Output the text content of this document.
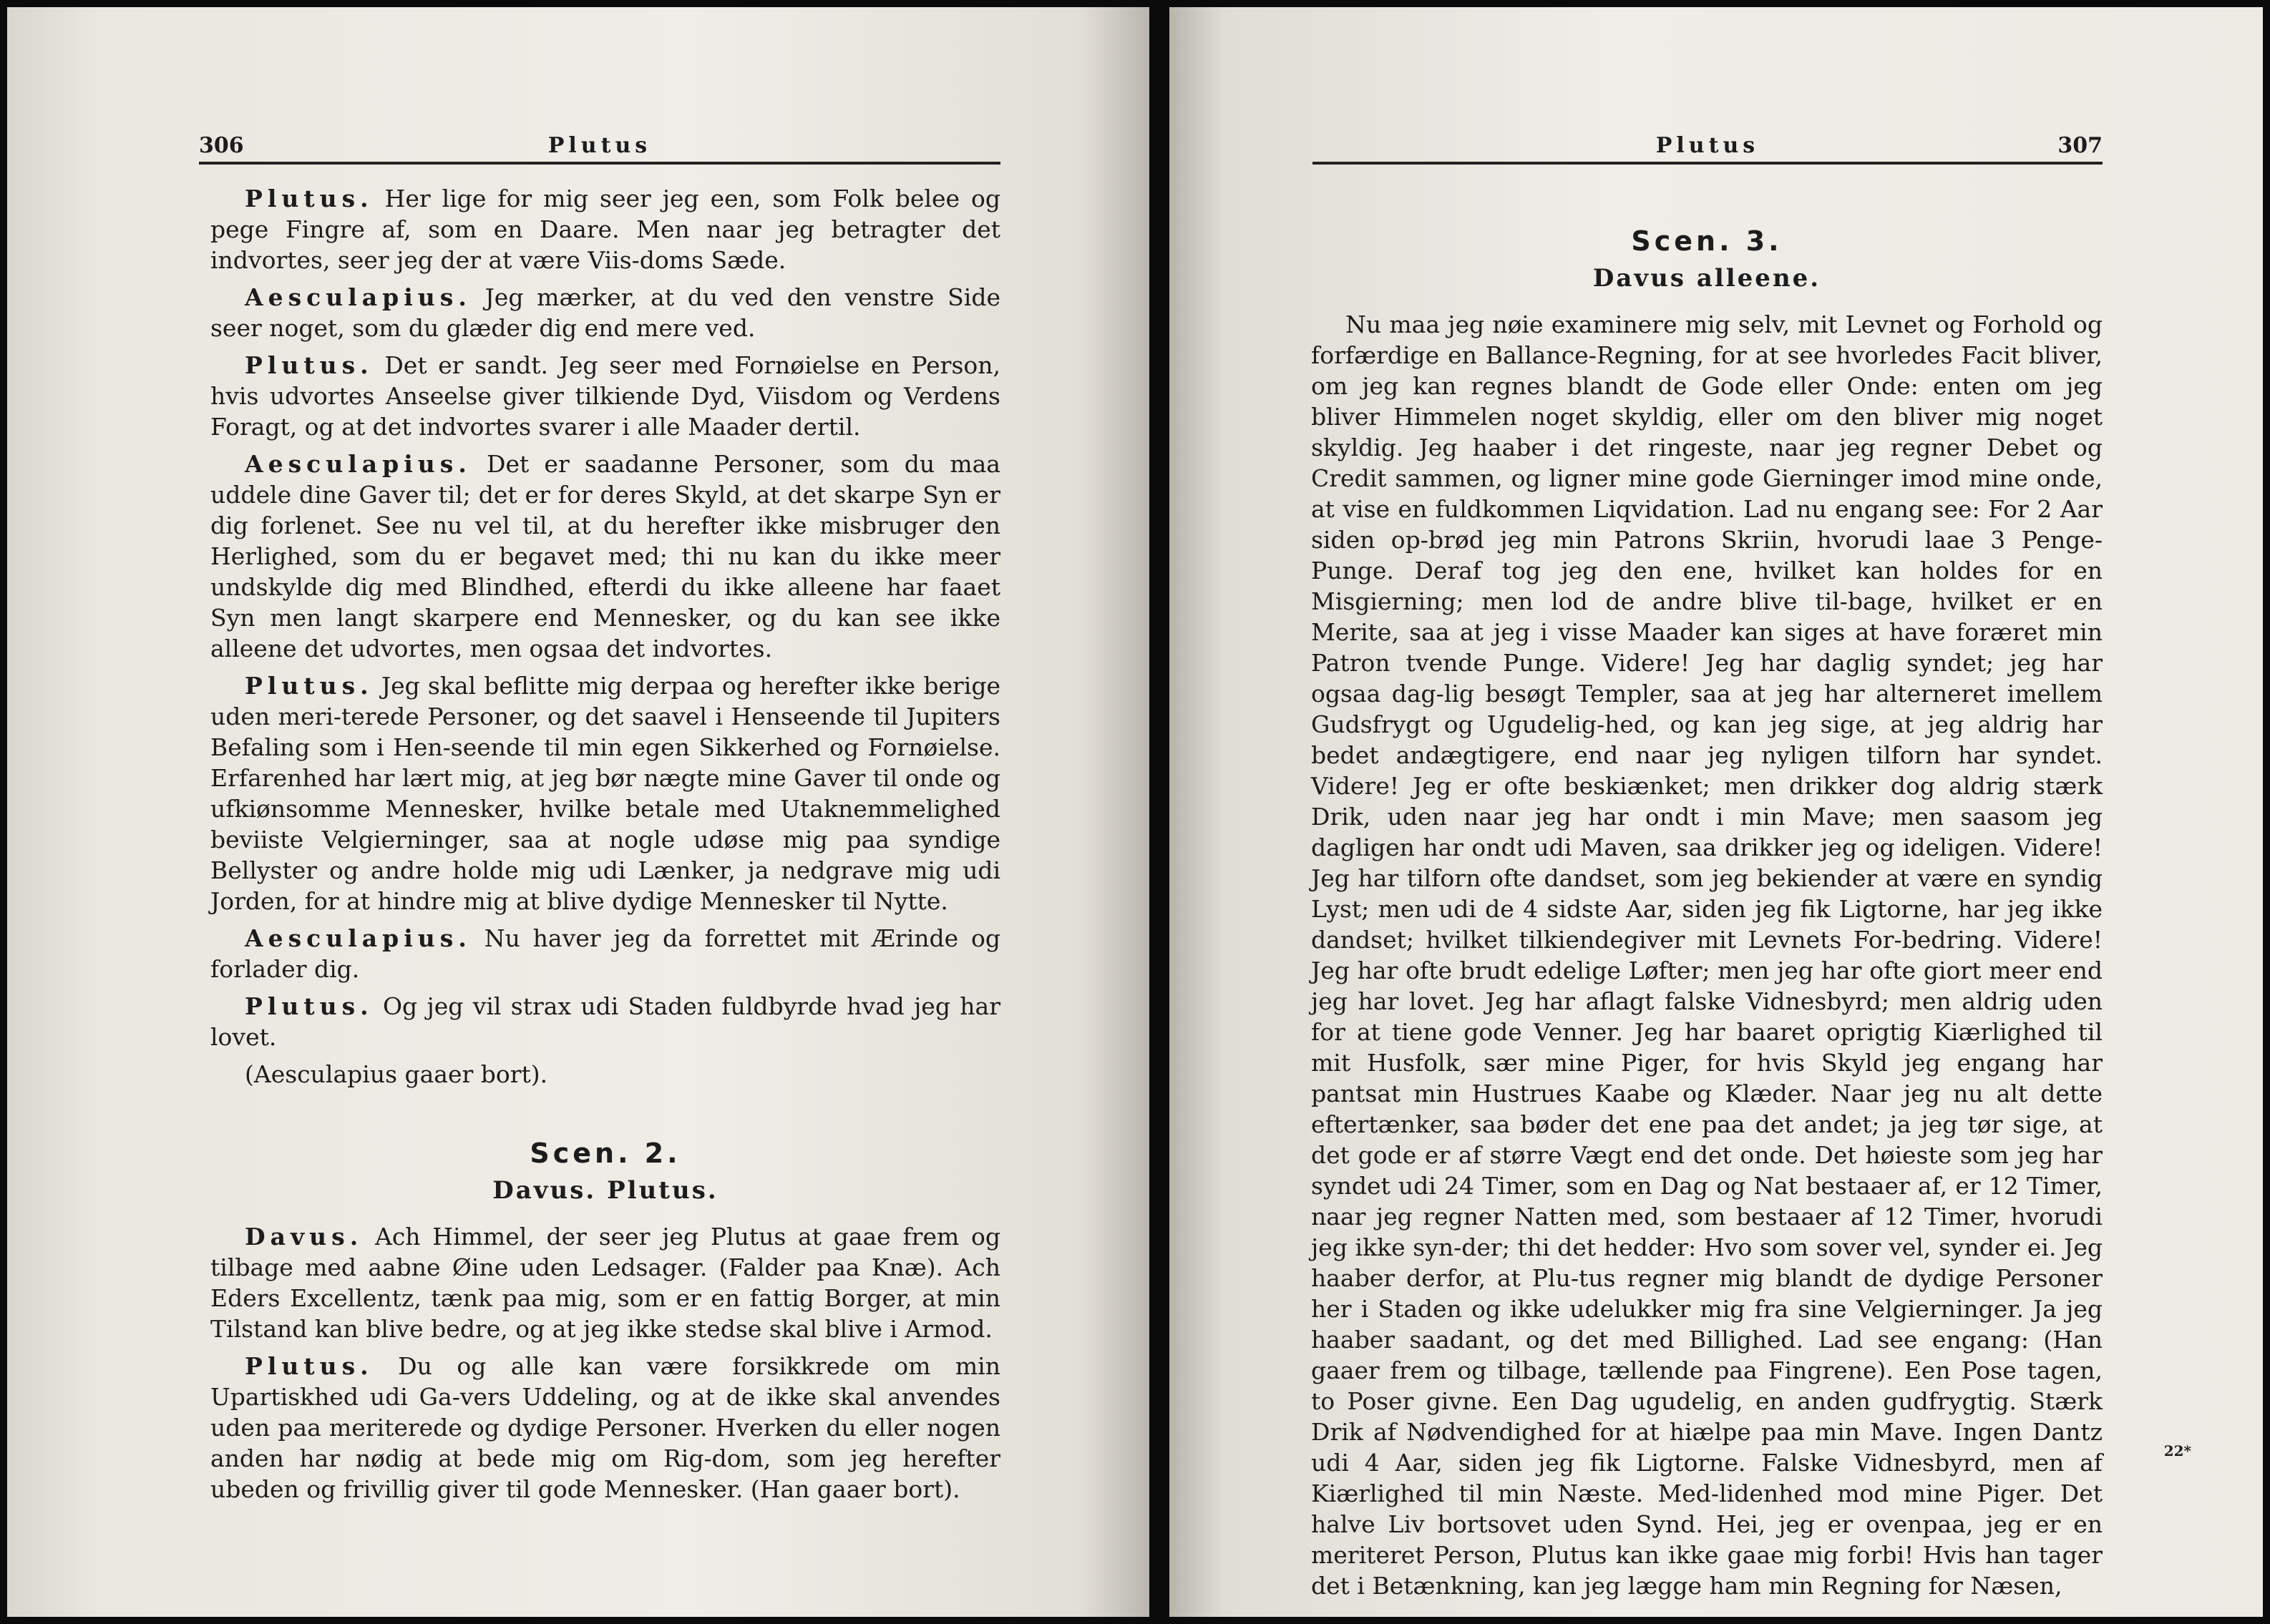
306	Plutus

Plutus. Her lige for mig seer jeg een, som Folk belee og pege Fingre af, som en Daare. Men naar jeg betragter det indvortes, seer jeg der at være Viis-doms Sæde.

Aesculapius. Jeg mærker, at du ved den venstre Side seer noget, som du glæder dig end mere ved.

Plutus. Det er sandt. Jeg seer med Fornøielse en Person, hvis udvortes Anseelse giver tilkiende Dyd, Viisdom og Verdens Foragt, og at det indvortes svarer i alle Maader dertil.

Aesculapius. Det er saadanne Personer, som du maa uddele dine Gaver til; det er for deres Skyld, at det skarpe Syn er dig forlenet. See nu vel til, at du herefter ikke misbruger den Herlighed, som du er begavet med; thi nu kan du ikke meer undskylde dig med Blindhed, efterdi du ikke alleene har faaet Syn men langt skarpere end Mennesker, og du kan see ikke alleene det udvortes, men ogsaa det indvortes.

Plutus. Jeg skal beflitte mig derpaa og herefter ikke berige uden meri-terede Personer, og det saavel i Henseende til Jupiters Befaling som i Hen-seende til min egen Sikkerhed og Fornøielse. Erfarenhed har lært mig, at jeg bør nægte mine Gaver til onde og ufkiønsomme Mennesker, hvilke betale med Utaknemmelighed beviiste Velgierninger, saa at nogle udøse mig paa syndige Bellyster og andre holde mig udi Lænker, ja nedgrave mig udi Jorden, for at hindre mig at blive dydige Mennesker til Nytte.

Aesculapius. Nu haver jeg da forrettet mit Ærinde og forlader dig.

Plutus. Og jeg vil strax udi Staden fuldbyrde hvad jeg har lovet.

(Aesculapius gaaer bort).

Scen. 2.
Davus. Plutus.

Davus. Ach Himmel, der seer jeg Plutus at gaae frem og tilbage med aabne Øine uden Ledsager. (Falder paa Knæ). Ach Eders Excellentz, tænk paa mig, som er en fattig Borger, at min Tilstand kan blive bedre, og at jeg ikke stedse skal blive i Armod.

Plutus. Du og alle kan være forsikkrede om min Upartiskhed udi Ga-vers Uddeling, og at de ikke skal anvendes uden paa meriterede og dydige Personer. Hverken du eller nogen anden har nødig at bede mig om Rig-dom, som jeg herefter ubeden og frivillig giver til gode Mennesker. (Han gaaer bort).

Plutus	307
Scen. 3.
Davus alleene.

Nu maa jeg nøie examinere mig selv, mit Levnet og Forhold og forfærdige en Ballance-Regning, for at see hvorledes Facit bliver, om jeg kan regnes blandt de Gode eller Onde: enten om jeg bliver Himmelen noget skyldig, eller om den bliver mig noget skyldig. Jeg haaber i det ringeste, naar jeg regner Debet og Credit sammen, og ligner mine gode Gierninger imod mine onde, at vise en fuldkommen Liqvidation. Lad nu engang see: For 2 Aar siden op-brød jeg min Patrons Skriin, hvorudi laae 3 Penge-Punge. Deraf tog jeg den ene, hvilket kan holdes for en Misgierning; men lod de andre blive til-bage, hvilket er en Merite, saa at jeg i visse Maader kan siges at have foræret min Patron tvende Punge. Videre! Jeg har daglig syndet; jeg har ogsaa dag-lig besøgt Templer, saa at jeg har alterneret imellem Gudsfrygt og Ugudelig-hed, og kan jeg sige, at jeg aldrig har bedet andægtigere, end naar jeg nyligen tilforn har syndet. Videre! Jeg er ofte beskiænket; men drikker dog aldrig stærk Drik, uden naar jeg har ondt i min Mave; men saasom jeg dagligen har ondt udi Maven, saa drikker jeg og ideligen. Videre! Jeg har tilforn ofte dandset, som jeg bekiender at være en syndig Lyst; men udi de 4 sidste Aar, siden jeg fik Ligtorne, har jeg ikke dandset; hvilket tilkiendegiver mit Levnets For-bedring. Videre! Jeg har ofte brudt edelige Løfter; men jeg har ofte giort meer end jeg har lovet. Jeg har aflagt falske Vidnesbyrd; men aldrig uden for at tiene gode Venner. Jeg har baaret oprigtig Kiærlighed til mit Husfolk, sær mine Piger, for hvis Skyld jeg engang har pantsat min Hustrues Kaabe og Klæder. Naar jeg nu alt dette eftertænker, saa bøder det ene paa det andet; ja jeg tør sige, at det gode er af større Vægt end det onde. Det høieste som jeg har syndet udi 24 Timer, som en Dag og Nat bestaaer af, er 12 Timer, naar jeg regner Natten med, som bestaaer af 12 Timer, hvorudi jeg ikke syn-der; thi det hedder: Hvo som sover vel, synder ei. Jeg haaber derfor, at Plu-tus regner mig blandt de dydige Personer her i Staden og ikke udelukker mig fra sine Velgierninger. Ja jeg haaber saadant, og det med Billighed. Lad see engang: (Han gaaer frem og tilbage, tællende paa Fingrene). Een Pose tagen, to Poser givne. Een Dag ugudelig, en anden gudfrygtig. Stærk Drik af Nødvendighed for at hiælpe paa min Mave. Ingen Dantz udi 4 Aar, siden jeg fik Ligtorne. Falske Vidnesbyrd, men af Kiærlighed til min Næste. Med-lidenhed mod mine Piger. Det halve Liv bortsovet uden Synd. Hei, jeg er ovenpaa, jeg er en meriteret Person, Plutus kan ikke gaae mig forbi! Hvis han tager det i Betænkning, kan jeg lægge ham min Regning for Næsen,

22*
